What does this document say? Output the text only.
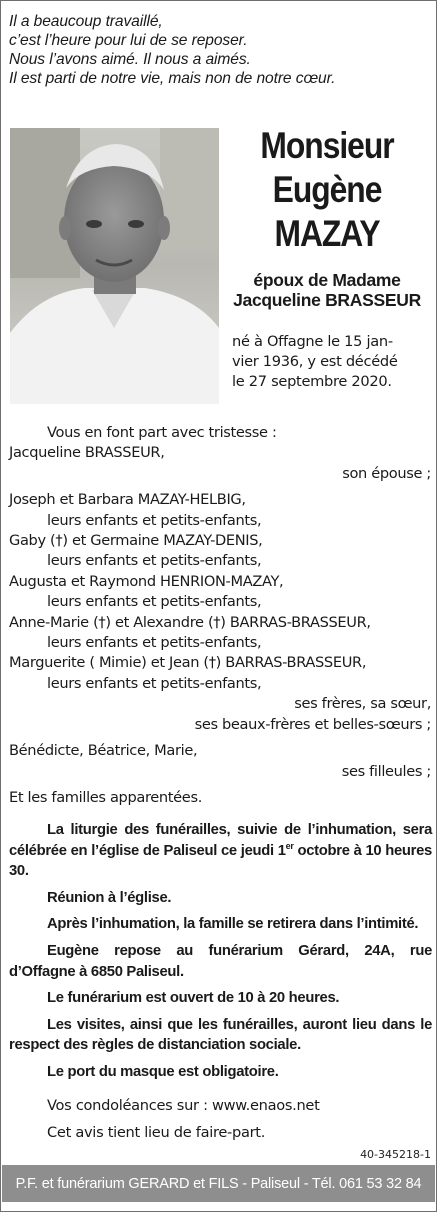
Il a beaucoup travaillé,
c’est l’heure pour lui de se reposer.
Nous l’avons aimé. Il nous a aimés.
Il est parti de notre vie, mais non de notre cœur.
Monsieur
Eugène
MAZAY
époux de Madame
Jacqueline BRASSEUR
né à Offagne le 15 jan-
vier 1936, y est décédé
le 27 septembre 2020.
Vous en font part avec tristesse :
Jacqueline BRASSEUR,
son épouse ;
Joseph et Barbara MAZAY-HELBIG,
leurs enfants et petits-enfants,
Gaby (†) et Germaine MAZAY-DENIS,
leurs enfants et petits-enfants,
Augusta et Raymond HENRION-MAZAY,
leurs enfants et petits-enfants,
Anne-Marie (†) et Alexandre (†) BARRAS-BRASSEUR,
leurs enfants et petits-enfants,
Marguerite ( Mimie) et Jean (†) BARRAS-BRASSEUR,
leurs enfants et petits-enfants,
ses frères, sa sœur,
ses beaux-frères et belles-sœurs ;
Bénédicte, Béatrice, Marie,
ses filleules ;
Et les familles apparentées.

La liturgie des funérailles, suivie de l’inhumation, sera célébrée en l’église de Paliseul ce jeudi 1er octobre à 10 heures 30.

Réunion à l’église.

Après l’inhumation, la famille se retirera dans l’intimité.

Eugène repose au funérarium Gérard, 24A, rue d’Offagne à 6850 Paliseul.

Le funérarium est ouvert de 10 à 20 heures.

Les visites, ainsi que les funérailles, auront lieu dans le respect des règles de distanciation sociale.

Le port du masque est obligatoire.

Vos condoléances sur : www.enaos.net
Cet avis tient lieu de faire-part.
40-345218-1
P.F. et funérarium GERARD et FILS - Paliseul - Tél. 061 53 32 84
